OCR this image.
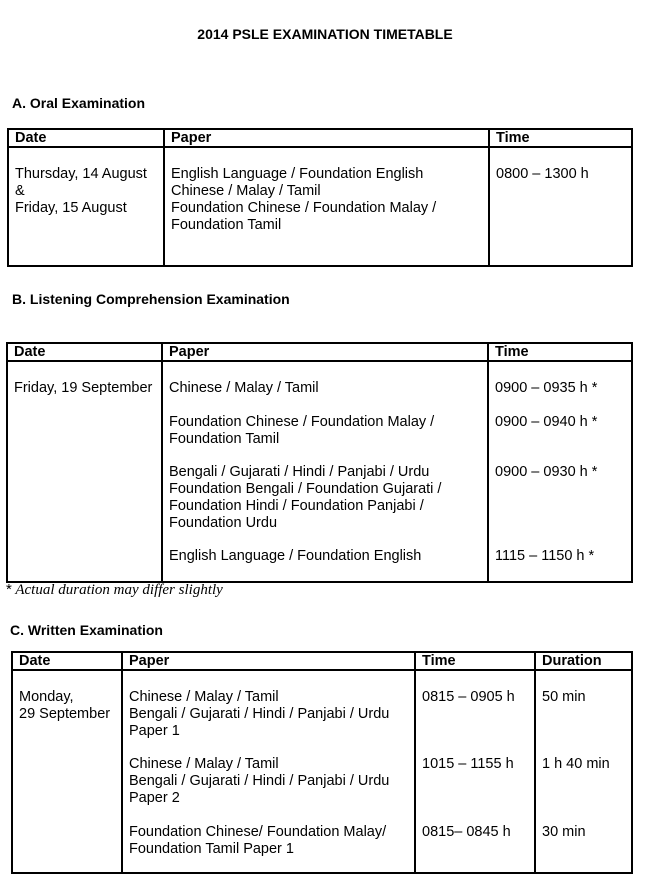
2014 PSLE EXAMINATION TIMETABLE
A. Oral Examination
Date	Paper	Time

Thursday, 14 August
&
Friday, 15 August	English Language / Foundation English
Chinese / Malay / Tamil
Foundation Chinese / Foundation Malay /
Foundation Tamil	0800 – 1300 h
B. Listening Comprehension Examination
Date	Paper	Time
Friday, 19 September	Chinese / Malay / Tamil	0900 – 0935 h *

	Foundation Chinese / Foundation Malay /
Foundation Tamil	0900 – 0940 h *

	Bengali / Gujarati / Hindi / Panjabi / Urdu
Foundation Bengali / Foundation Gujarati /
Foundation Hindi / Foundation Panjabi /
Foundation Urdu	0900 – 0930 h *

	English Language / Foundation English	1115 – 1150 h *
* Actual duration may differ slightly
C. Written Examination
Date	Paper	Time	Duration

Monday,
29 September	Chinese / Malay / Tamil
Bengali / Gujarati / Hindi / Panjabi / Urdu
Paper 1	0815 – 0905 h	50 min

	Chinese / Malay / Tamil
Bengali / Gujarati / Hindi / Panjabi / Urdu
Paper 2	1015 – 1155 h	1 h 40 min

	Foundation Chinese/ Foundation Malay/
Foundation Tamil Paper 1	0815– 0845 h	30 min
